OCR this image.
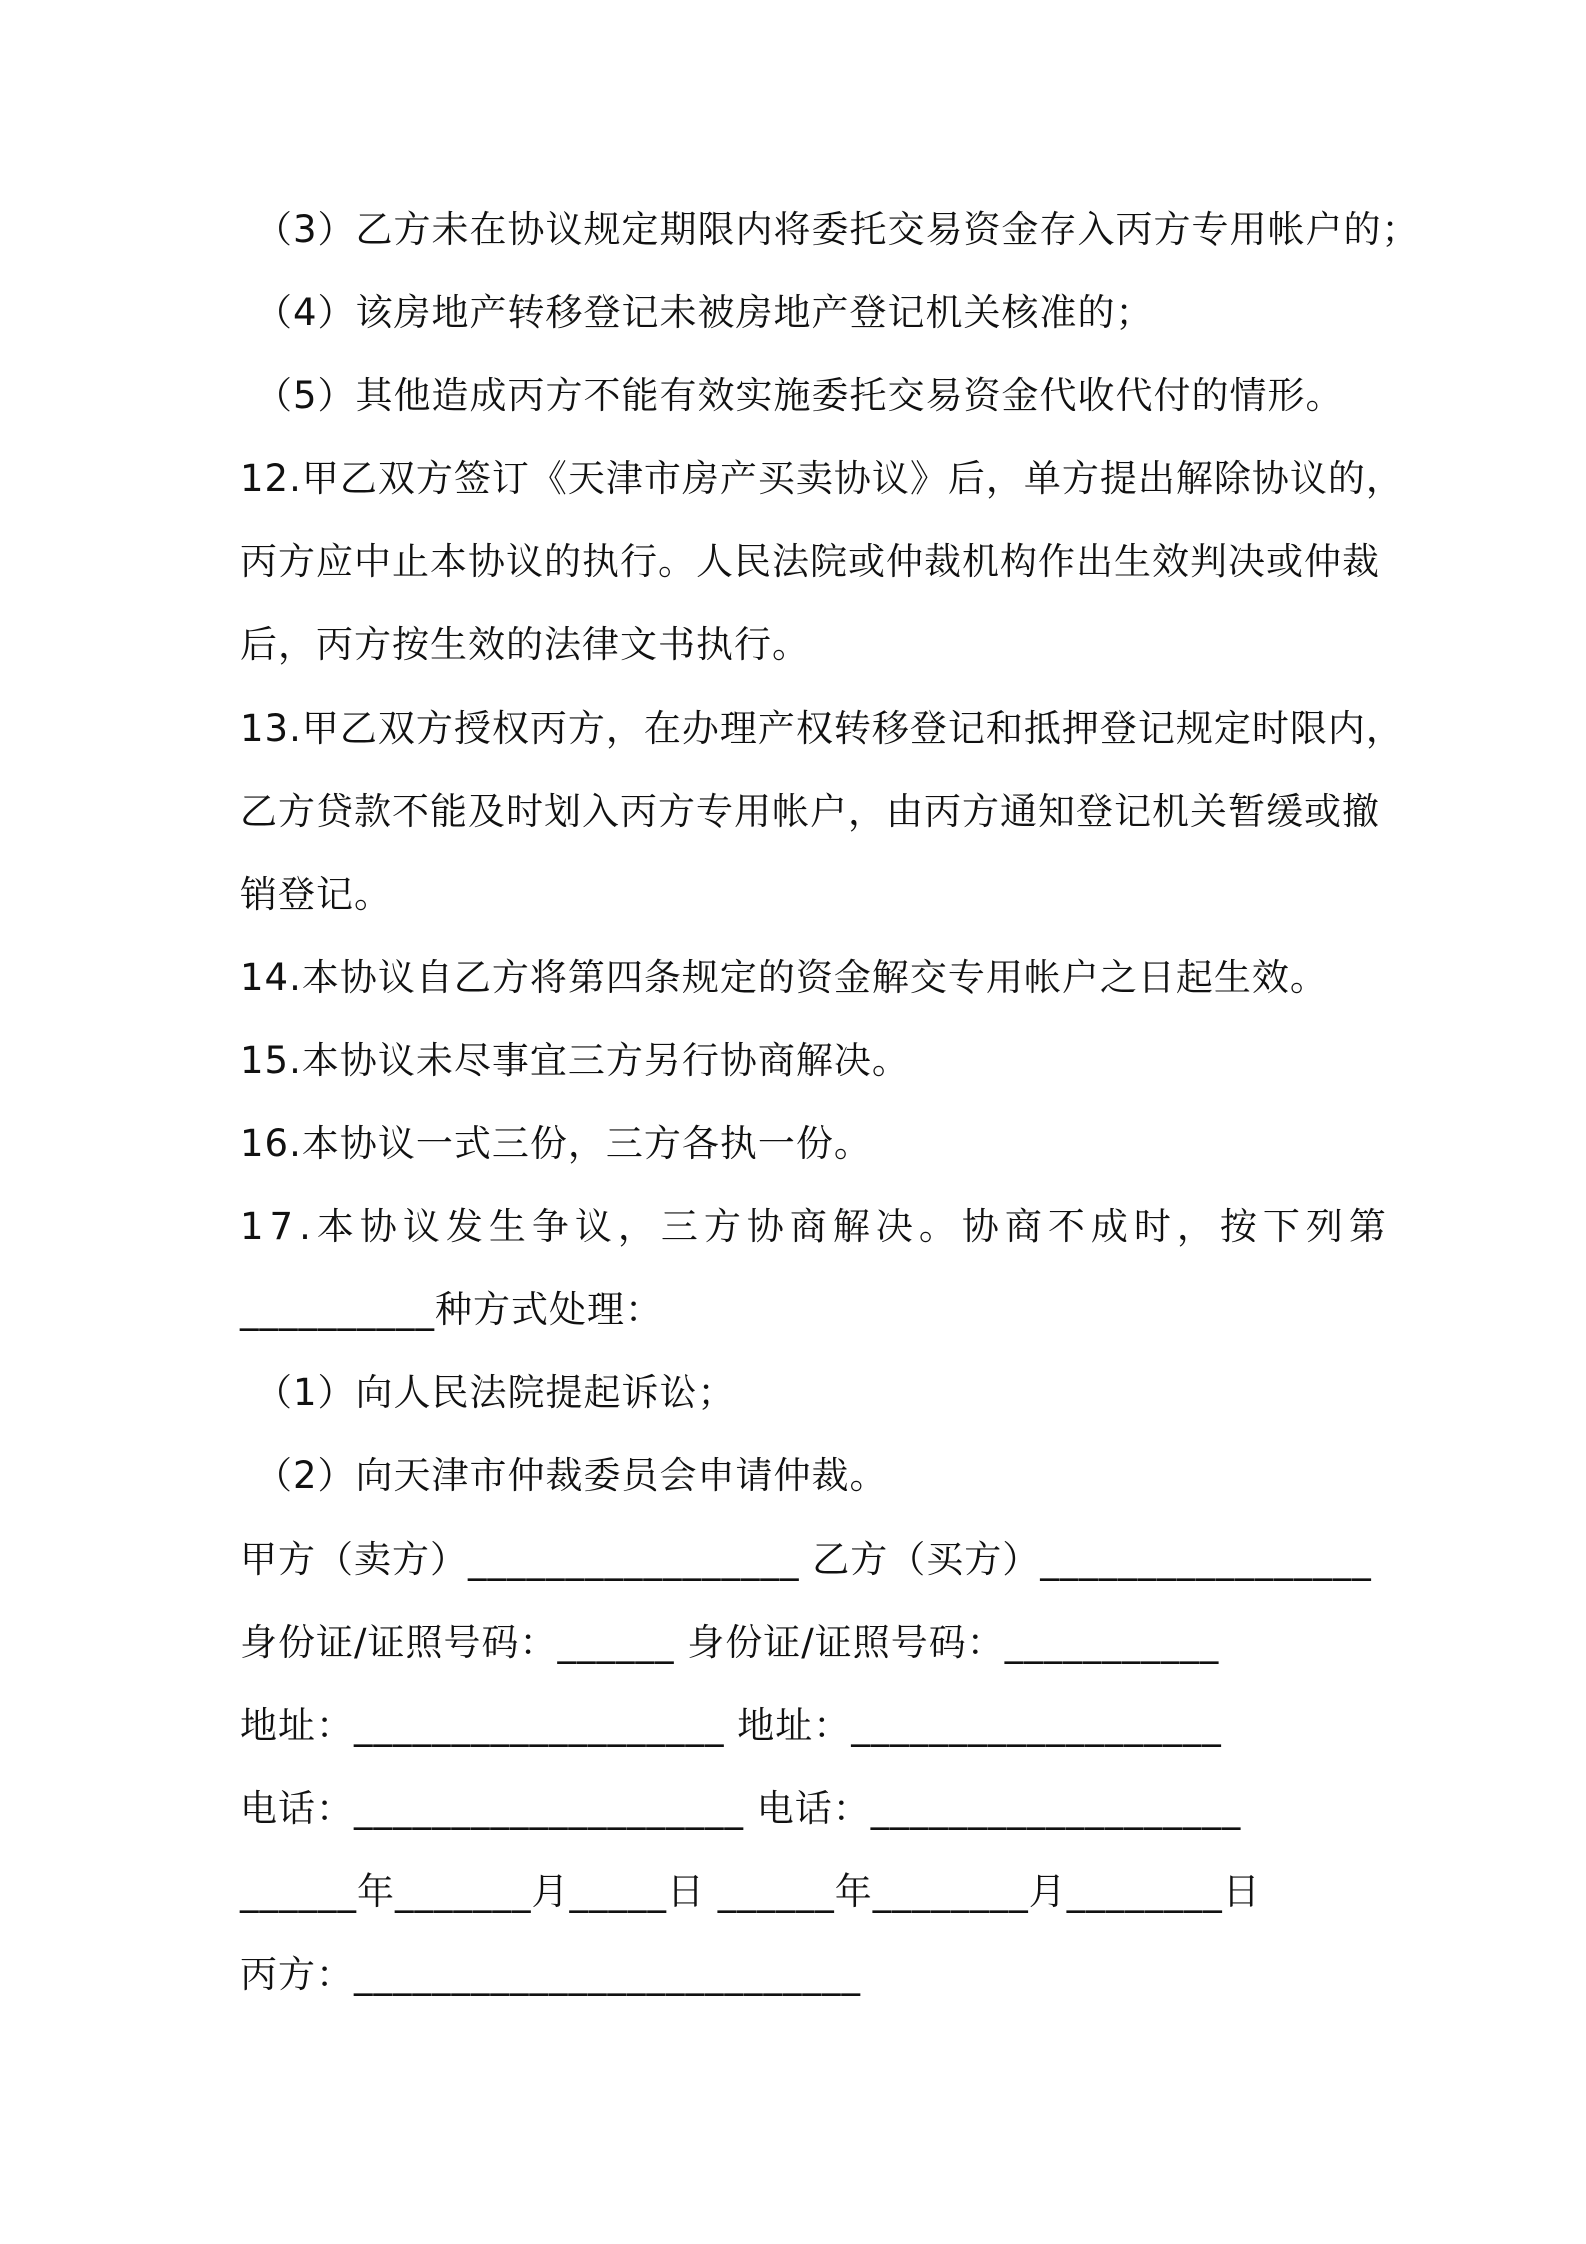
（3）乙方未在协议规定期限内将委托交易资金存入丙方专用帐户的；
（4）该房地产转移登记未被房地产登记机关核准的；
（5）其他造成丙方不能有效实施委托交易资金代收代付的情形。
12.甲乙双方签订《天津市房产买卖协议》后，单方提出解除协议的，
丙方应中止本协议的执行。人民法院或仲裁机构作出生效判决或仲裁
后，丙方按生效的法律文书执行。
13.甲乙双方授权丙方，在办理产权转移登记和抵押登记规定时限内，
乙方贷款不能及时划入丙方专用帐户，由丙方通知登记机关暂缓或撤
销登记。
14.本协议自乙方将第四条规定的资金解交专用帐户之日起生效。
15.本协议未尽事宜三方另行协商解决。
16.本协议一式三份，三方各执一份。
17.本协议发生争议，三方协商解决。协商不成时，按下列第
__________种方式处理：
（1）向人民法院提起诉讼；
（2）向天津市仲裁委员会申请仲裁。
甲方（卖方）_________________ 乙方（买方）_________________
身份证/证照号码：______ 身份证/证照号码：___________
地址：___________________ 地址：___________________
电话：____________________ 电话：___________________
______年_______月_____日 ______年________月________日
丙方：__________________________
